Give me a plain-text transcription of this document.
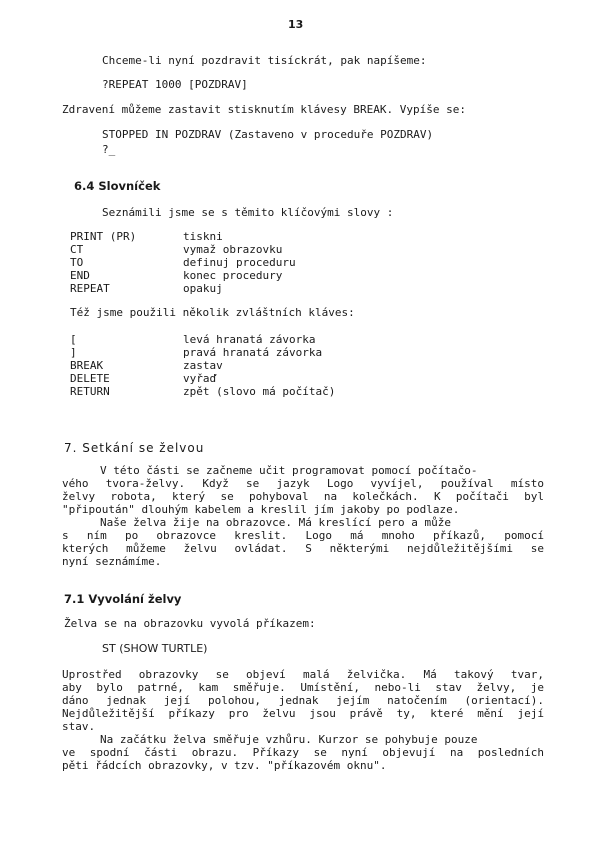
13
Chceme-li nyní pozdravit tisíckrát, pak napíšeme:
?REPEAT 1000 [POZDRAV]
Zdravení můžeme zastavit stisknutím klávesy BREAK. Vypíše se:
STOPPED IN POZDRAV (Zastaveno v proceduře POZDRAV)
?_
6.4 Slovníček
Seznámili jsme se s těmito klíčovými slovy :
PRINT (PR)	tiskni
CT	vymaž obrazovku
TO	definuj proceduru
END	konec procedury
REPEAT	opakuj
Též jsme použili několik zvláštních kláves:
[	levá hranatá závorka
]	pravá hranatá závorka
BREAK	zastav
DELETE	vyřaď
RETURN	zpět (slovo má počítač)
7. Setkání se želvou
V této části se začneme učit programovat pomocí počítačo-
vého tvora-želvy. Když se jazyk Logo vyvíjel, používal místo
želvy robota, který se pohyboval na kolečkách. K počítači byl
"připoután" dlouhým kabelem a kreslil jím jakoby po podlaze.
Naše želva žije na obrazovce. Má kreslící pero a může
s ním po obrazovce kreslit. Logo má mnoho příkazů, pomocí
kterých můžeme želvu ovládat. S některými nejdůležitějšími se
nyní seznámíme.
7.1 Vyvolání želvy
Želva se na obrazovku vyvolá příkazem:
ST (SHOW TURTLE)
Uprostřed obrazovky se objeví malá želvička. Má takový tvar,
aby bylo patrné, kam směřuje. Umístění, nebo-li stav želvy, je
dáno jednak její polohou, jednak jejím natočením (orientací).
Nejdůležitější příkazy pro želvu jsou právě ty, které mění její
stav.
Na začátku želva směřuje vzhůru. Kurzor se pohybuje pouze
ve spodní části obrazu. Příkazy se nyní objevují na posledních
pěti řádcích obrazovky, v tzv. "příkazovém oknu".
